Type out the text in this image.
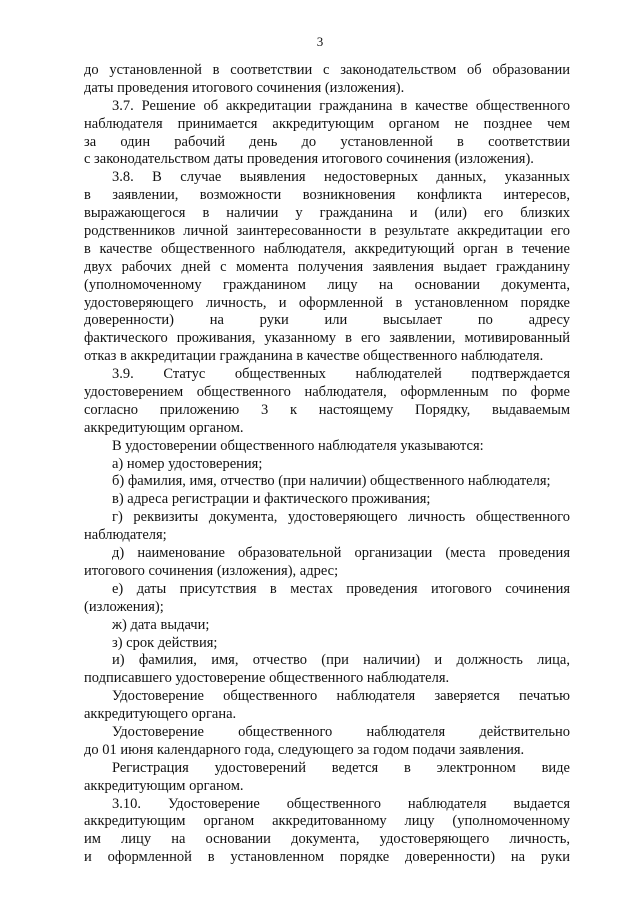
3
до установленной в соответствии с законодательством об образовании
даты проведения итогового сочинения (изложения).
3.7. Решение об аккредитации гражданина в качестве общественного
наблюдателя принимается аккредитующим органом не позднее чем
за один рабочий день до установленной в соответствии
с законодательством даты проведения итогового сочинения (изложения).
3.8. В случае выявления недостоверных данных, указанных
в заявлении, возможности возникновения конфликта интересов,
выражающегося в наличии у гражданина и (или) его близких
родственников личной заинтересованности в результате аккредитации его
в качестве общественного наблюдателя, аккредитующий орган в течение
двух рабочих дней с момента получения заявления выдает гражданину
(уполномоченному гражданином лицу на основании документа,
удостоверяющего личность, и оформленной в установленном порядке
доверенности) на руки или высылает по адресу
фактического проживания, указанному в его заявлении, мотивированный
отказ в аккредитации гражданина в качестве общественного наблюдателя.
3.9. Статус общественных наблюдателей подтверждается
удостоверением общественного наблюдателя, оформленным по форме
согласно приложению 3 к настоящему Порядку, выдаваемым
аккредитующим органом.
В удостоверении общественного наблюдателя указываются:
а) номер удостоверения;
б) фамилия, имя, отчество (при наличии) общественного наблюдателя;
в) адреса регистрации и фактического проживания;
г) реквизиты документа, удостоверяющего личность общественного
наблюдателя;
д) наименование образовательной организации (места проведения
итогового сочинения (изложения), адрес;
е) даты присутствия в местах проведения итогового сочинения
(изложения);
ж) дата выдачи;
з) срок действия;
и) фамилия, имя, отчество (при наличии) и должность лица,
подписавшего удостоверение общественного наблюдателя.
Удостоверение общественного наблюдателя заверяется печатью
аккредитующего органа.
Удостоверение общественного наблюдателя действительно
до 01 июня календарного года, следующего за годом подачи заявления.
Регистрация удостоверений ведется в электронном виде
аккредитующим органом.
3.10. Удостоверение общественного наблюдателя выдается
аккредитующим органом аккредитованному лицу (уполномоченному
им лицу на основании документа, удостоверяющего личность,
и оформленной в установленном порядке доверенности) на руки
